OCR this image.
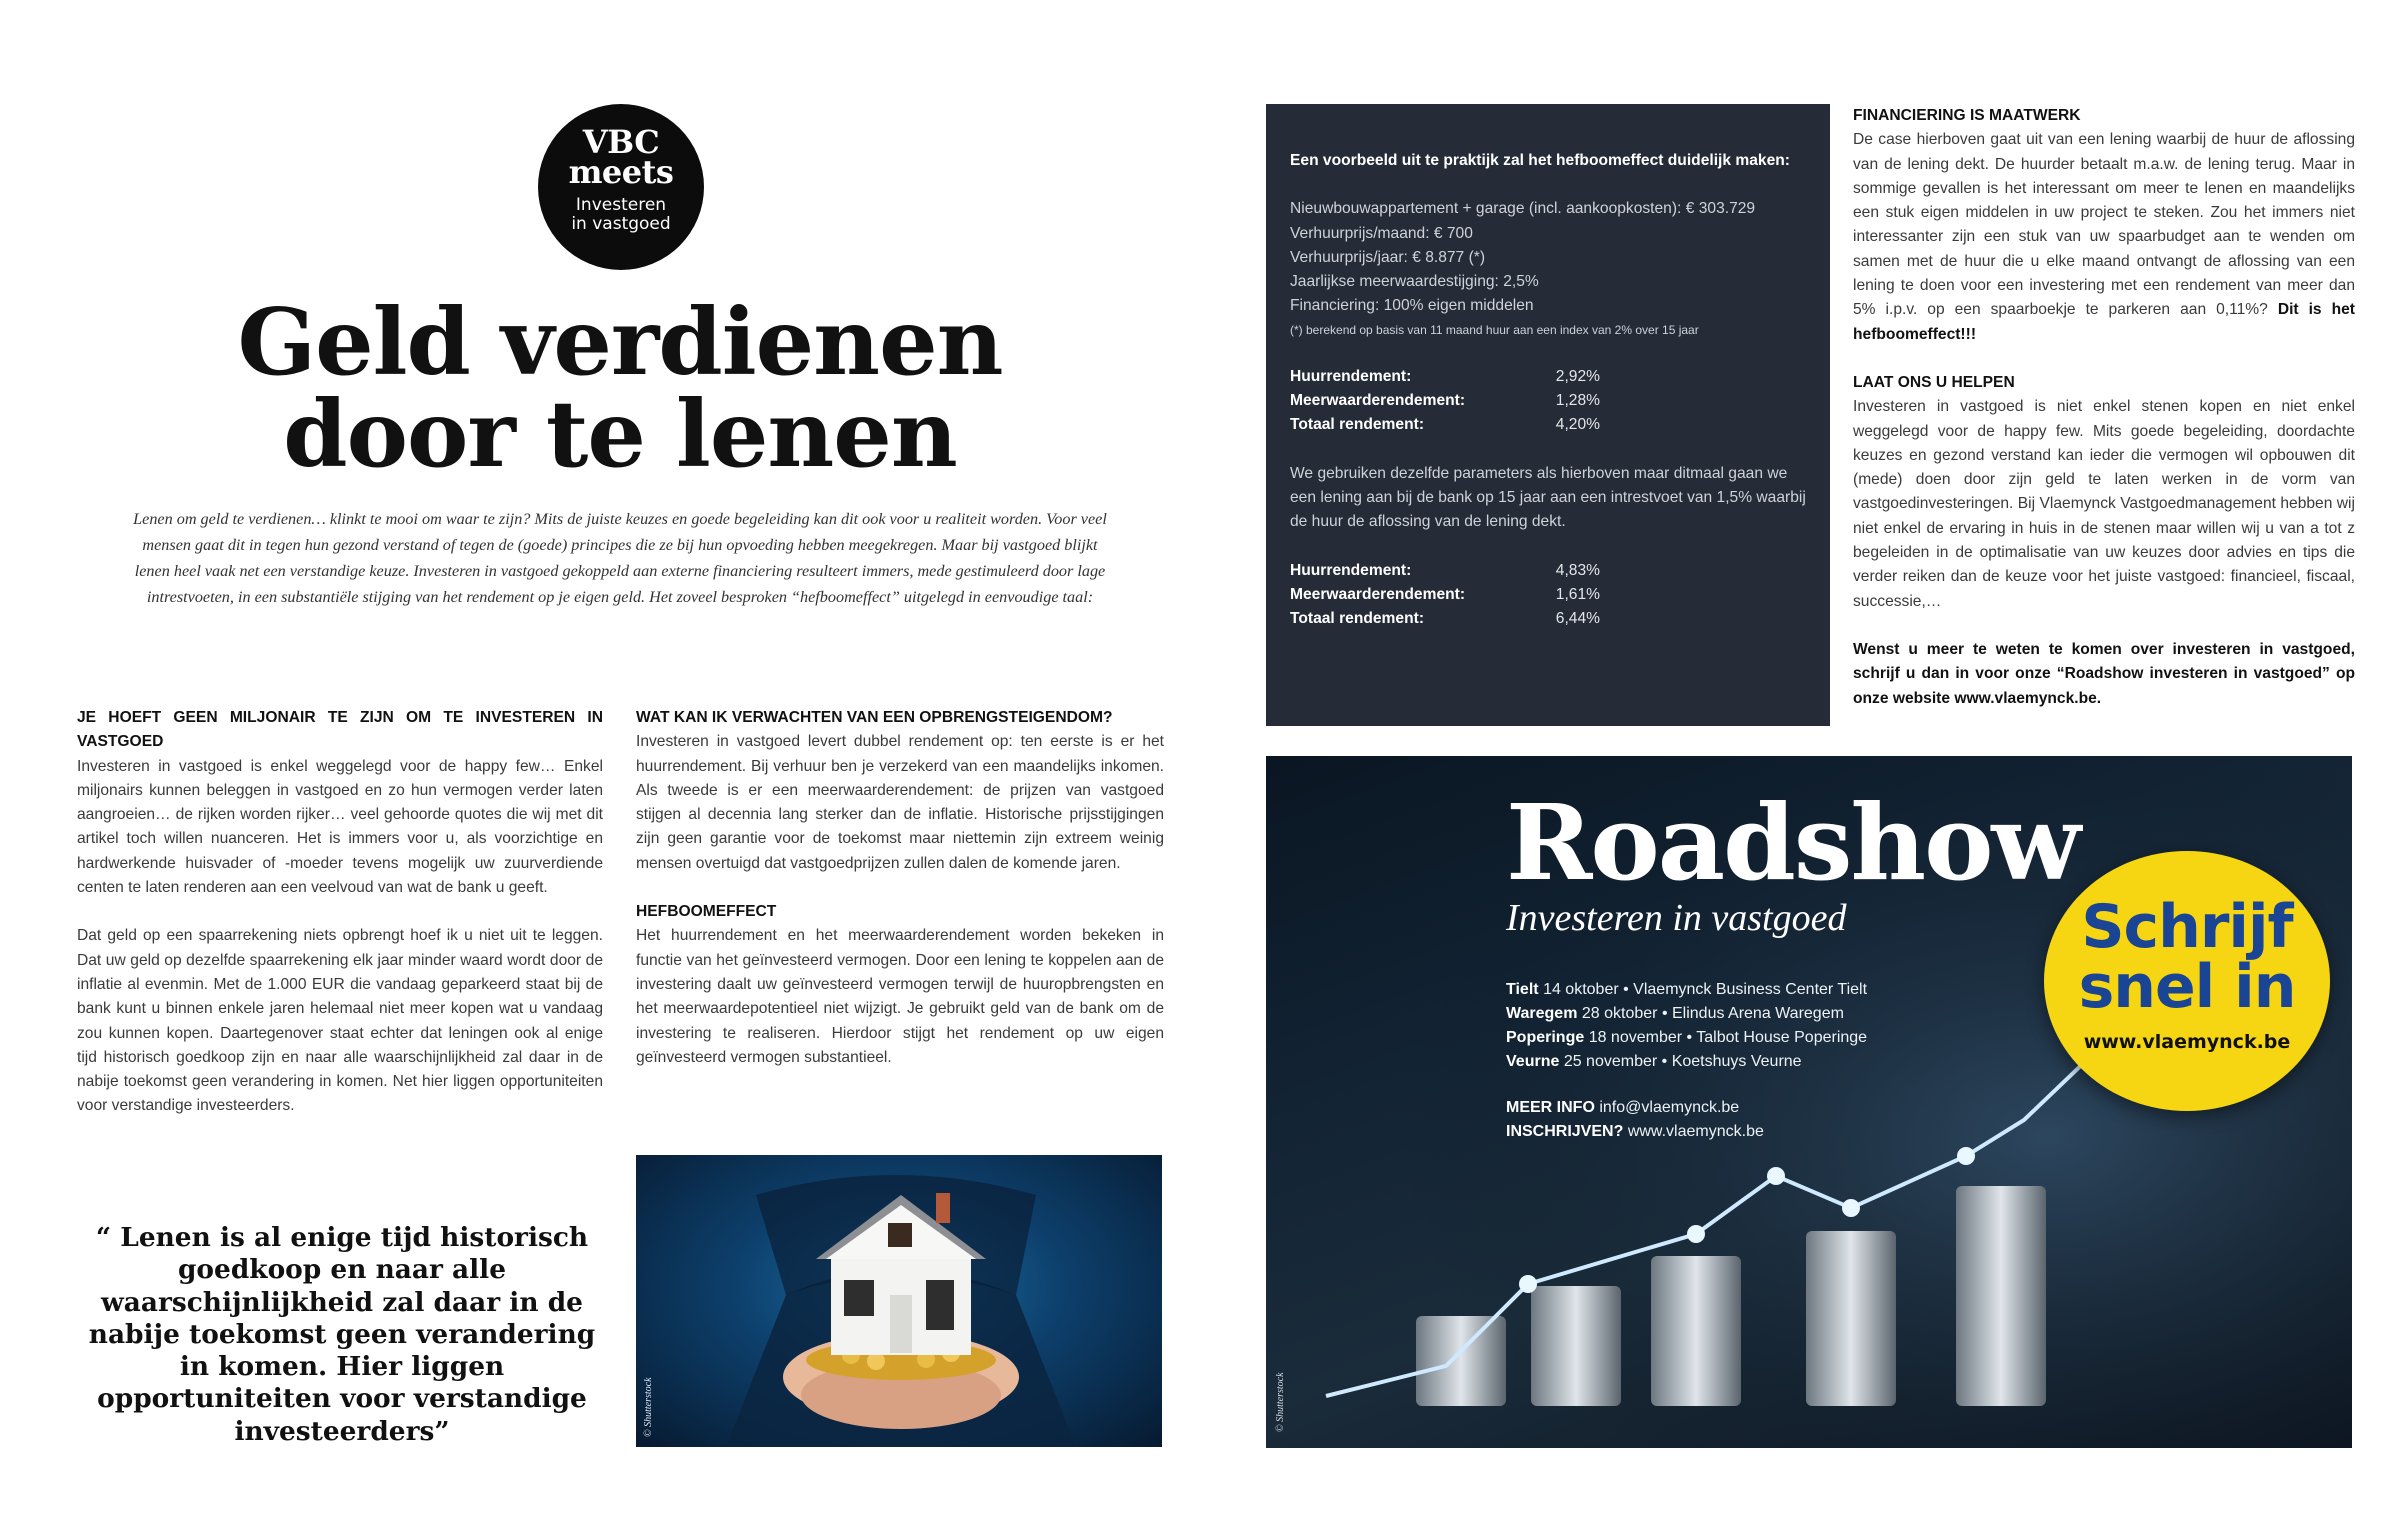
VBC
meets
Investeren
in vastgoed
Geld verdienen
door te lenen

Lenen om geld te verdienen… klinkt te mooi om waar te zijn? Mits de juiste keuzes en goede begeleiding kan dit ook voor u realiteit worden. Voor veel mensen gaat dit in tegen hun gezond verstand of tegen de (goede) principes die ze bij hun opvoeding hebben meegekregen. Maar bij vastgoed blijkt lenen heel vaak net een verstandige keuze. Investeren in vastgoed gekoppeld aan externe financiering resulteert immers, mede gestimuleerd door lage intrestvoeten, in een substantiële stijging van het rendement op je eigen geld. Het zoveel besproken “hefboomeffect” uitgelegd in eenvoudige taal:

JE HOEFT GEEN MILJONAIR TE ZIJN OM TE INVESTEREN IN VASTGOED

Investeren in vastgoed is enkel weggelegd voor de happy few… Enkel miljonairs kunnen beleggen in vastgoed en zo hun vermogen verder laten aangroeien… de rijken worden rijker… veel gehoorde quotes die wij met dit artikel toch willen nuanceren. Het is immers voor u, als voorzichtige en hardwerkende huisvader of -moeder tevens mogelijk uw zuurverdiende centen te laten renderen aan een veelvoud van wat de bank u geeft.

Dat geld op een spaarrekening niets opbrengt hoef ik u niet uit te leggen. Dat uw geld op dezelfde spaarrekening elk jaar minder waard wordt door de inflatie al evenmin. Met de 1.000 EUR die vandaag geparkeerd staat bij de bank kunt u binnen enkele jaren helemaal niet meer kopen wat u vandaag zou kunnen kopen. Daartegenover staat echter dat leningen ook al enige tijd historisch goedkoop zijn en naar alle waarschijnlijkheid zal daar in de nabije toekomst geen verandering in komen. Net hier liggen opportuniteiten voor verstandige investeerders.

WAT KAN IK VERWACHTEN VAN EEN OPBRENGSTEIGENDOM?

Investeren in vastgoed levert dubbel rendement op: ten eerste is er het huurrendement. Bij verhuur ben je verzekerd van een maandelijks inkomen. Als tweede is er een meerwaarderendement: de prijzen van vastgoed stijgen al decennia lang sterker dan de inflatie. Historische prijsstijgingen zijn geen garantie voor de toekomst maar niettemin zijn extreem weinig mensen overtuigd dat vastgoedprijzen zullen dalen de komende jaren.

HEFBOOMEFFECT

Het huurrendement en het meerwaarderendement worden bekeken in functie van het geïnvesteerd vermogen. Door een lening te koppelen aan de investering daalt uw geïnvesteerd vermogen terwijl de huuropbrengsten en het meerwaardepotentieel niet wijzigt. Je gebruikt geld van de bank om de investering te realiseren. Hierdoor stijgt het rendement op uw eigen geïnvesteerd vermogen substantieel.

“ Lenen is al enige tijd historisch goedkoop en naar alle waarschijnlijkheid zal daar in de nabije toekomst geen verandering in komen. Hier liggen opportuniteiten voor verstandige investeerders”	© Shutterstock
Een voorbeeld uit te praktijk zal het hefboomeffect duidelijk maken:
Nieuwbouwappartement + garage (incl. aankoopkosten): € 303.729
Verhuurprijs/maand: € 700
Verhuurprijs/jaar: € 8.877 (*)
Jaarlijkse meerwaardestijging: 2,5%
Financiering: 100% eigen middelen
(*) berekend op basis van 11 maand huur aan een index van 2% over 15 jaar
Huurrendement:	2,92%
Meerwaarderendement:	1,28%
Totaal rendement:	4,20%
We gebruiken dezelfde parameters als hierboven maar ditmaal gaan we een lening aan bij de bank op 15 jaar aan een intrestvoet van 1,5% waarbij de huur de aflossing van de lening dekt.
Huurrendement:	4,83%
Meerwaarderendement:	1,61%
Totaal rendement:	6,44%
FINANCIERING IS MAATWERK

De case hierboven gaat uit van een lening waarbij de huur de aflossing van de lening dekt. De huurder betaalt m.a.w. de lening terug. Maar in sommige gevallen is het interessant om meer te lenen en maandelijks een stuk eigen middelen in uw project te steken. Zou het immers niet interessanter zijn een stuk van uw spaarbudget aan te wenden om samen met de huur die u elke maand ontvangt de aflossing van een lening te doen voor een investering met een rendement van meer dan 5% i.p.v. op een spaarboekje te parkeren aan 0,11%? Dit is het hefboomeffect!!!

LAAT ONS U HELPEN

Investeren in vastgoed is niet enkel stenen kopen en niet enkel weggelegd voor de happy few. Mits goede begeleiding, doordachte keuzes en gezond verstand kan ieder die vermogen wil opbouwen dit (mede) doen door zijn geld te laten werken in de vorm van vastgoedinvesteringen. Bij Vlaemynck Vastgoedmanagement hebben wij niet enkel de ervaring in huis in de stenen maar willen wij u van a tot z begeleiden in de optimalisatie van uw keuzes door advies en tips die verder reiken dan de keuze voor het juiste vastgoed: financieel, fiscaal, successie,…

Wenst u meer te weten te komen over investeren in vastgoed, schrijf u dan in voor onze “Roadshow investeren in vastgoed” op onze website www.vlaemynck.be.

Roadshow
Investeren in vastgoed
Tielt 14 oktober • Vlaemynck Business Center Tielt
Waregem 28 oktober • Elindus Arena Waregem
Poperinge 18 november • Talbot House Poperinge
Veurne 25 november • Koetshuys Veurne
MEER INFO info@vlaemynck.be
INSCHRIJVEN? www.vlaemynck.be
Schrijf
snel in
www.vlaemynck.be
© Shutterstock
